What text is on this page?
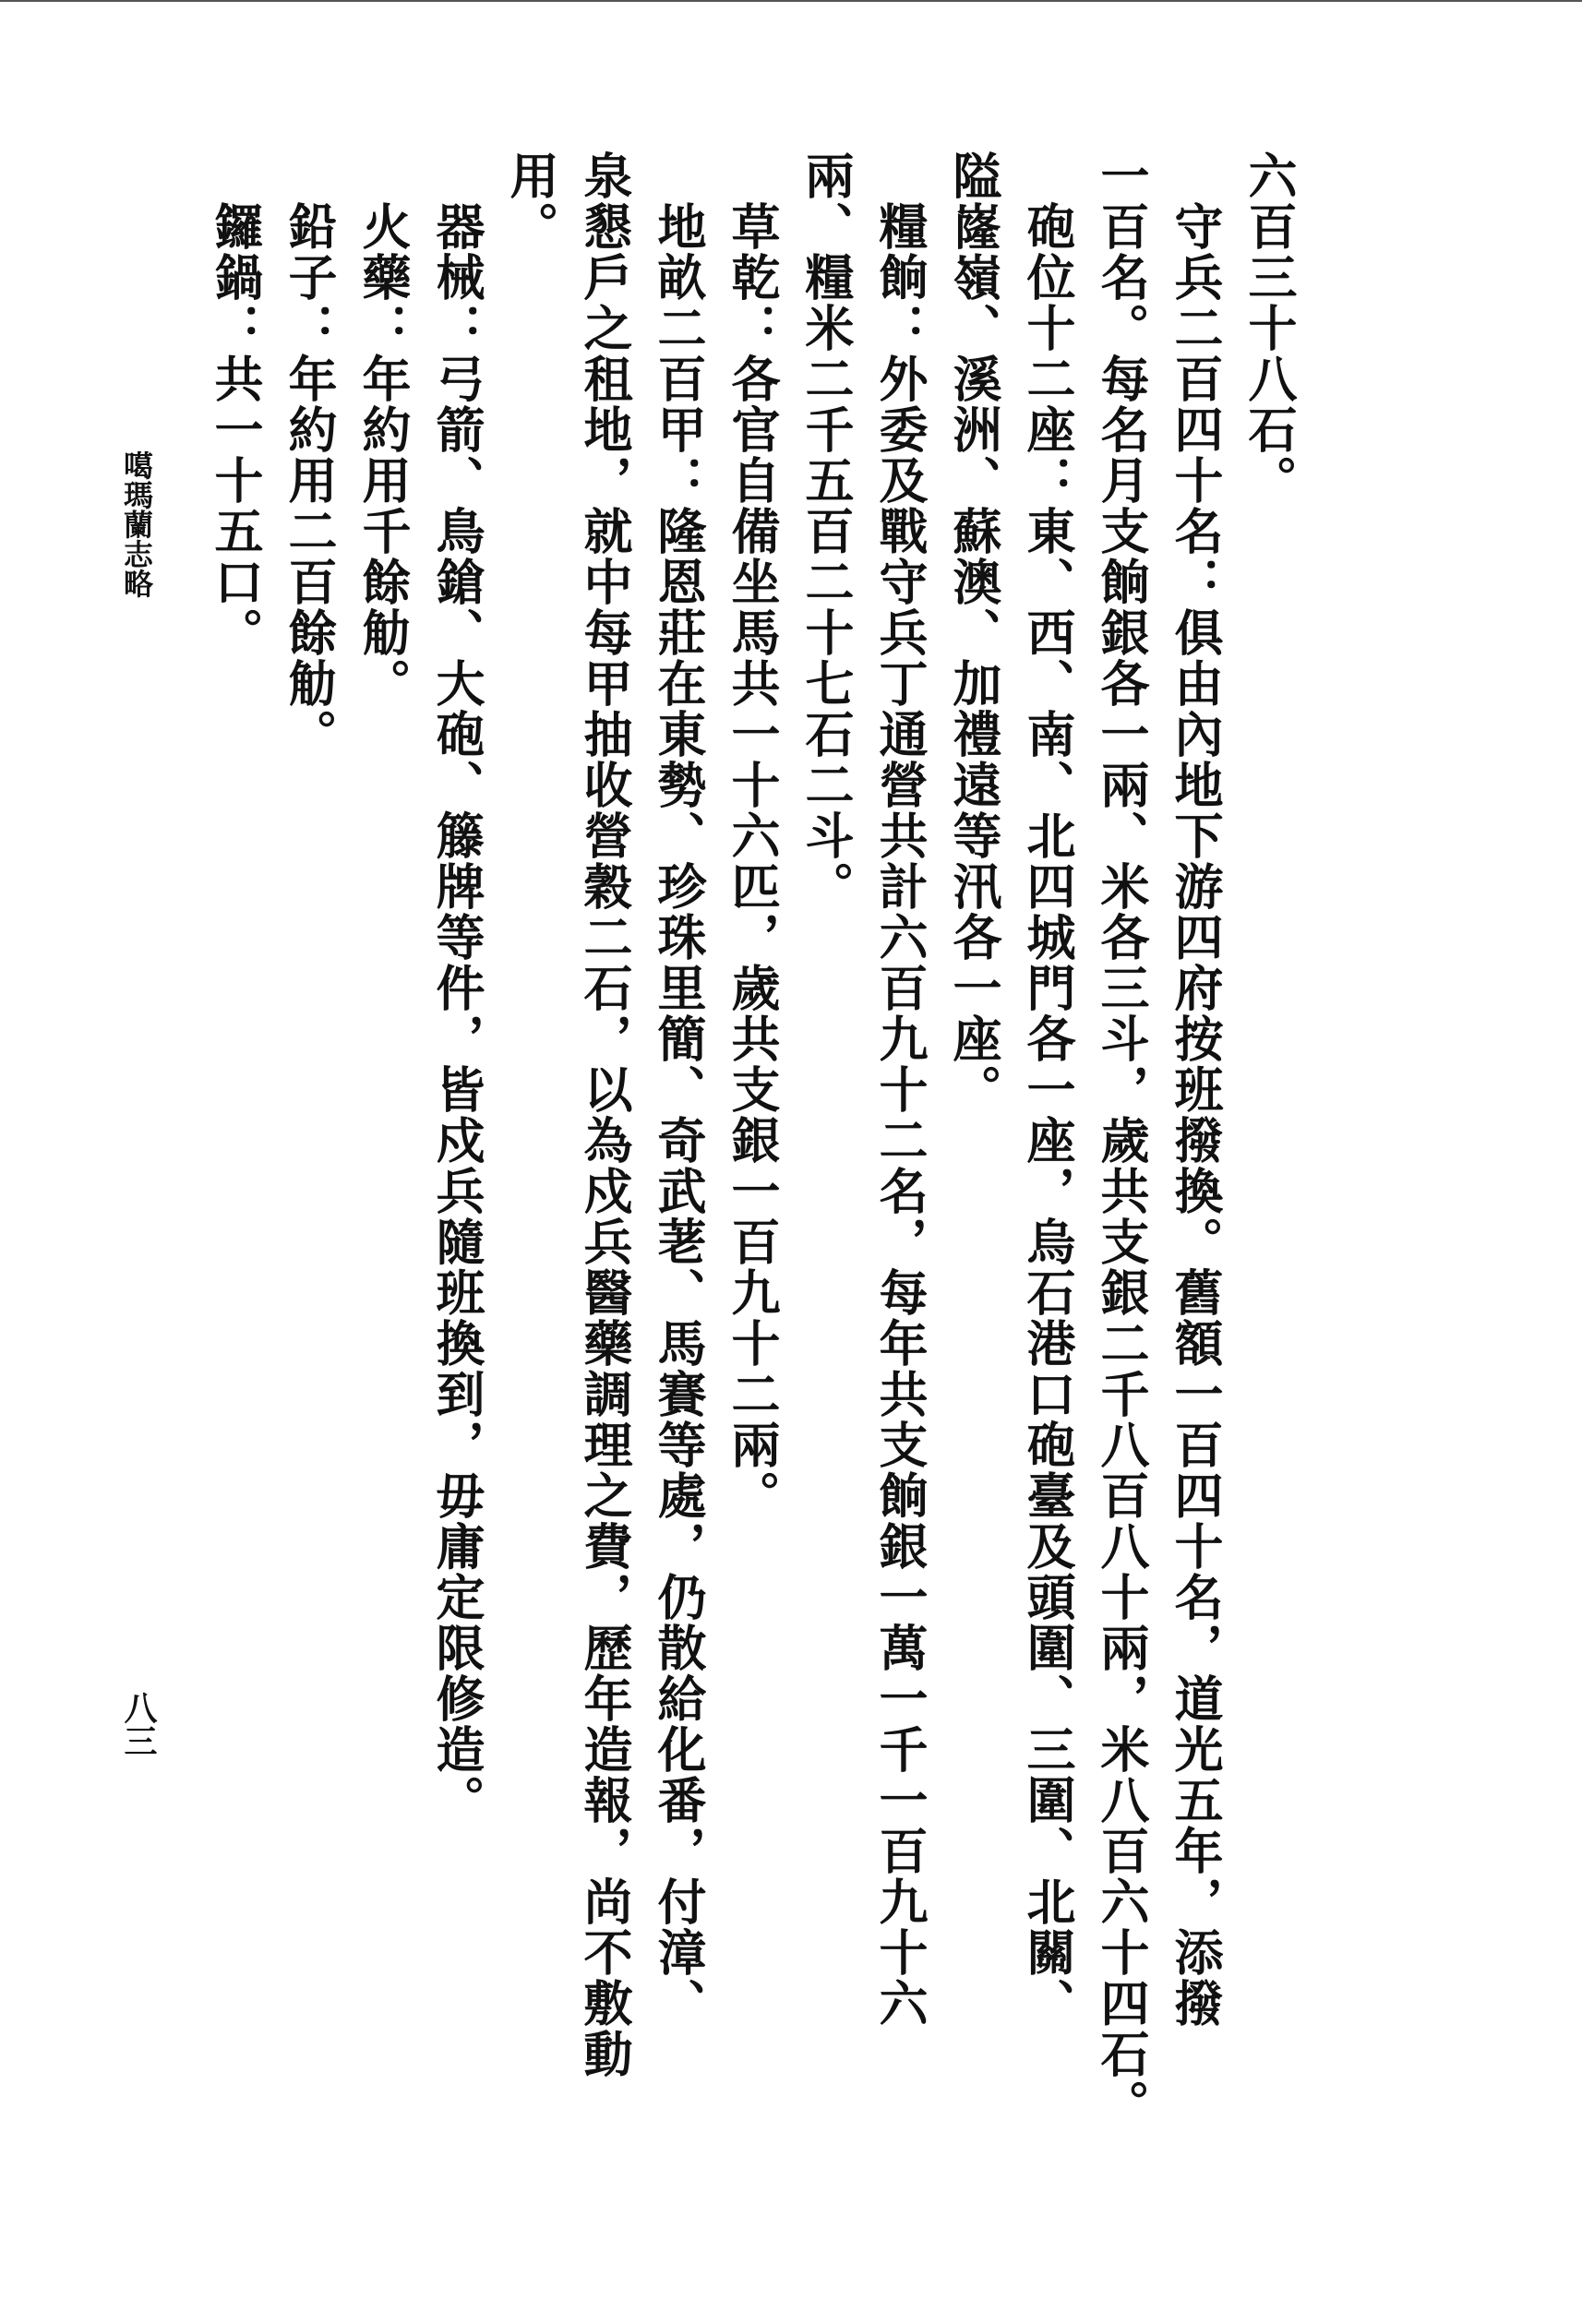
六百三十八石。
　守兵二百四十名：俱由內地下游四府按班撥換。舊額一百四十名，道光五年，添撥
一百名。每名月支餉銀各一兩、米各三斗，歲共支銀二千八百八十兩，米八百六十四石。
　砲位十二座：東、西、南、北四城門各一座，烏石港口砲臺及頭圍、三圍、北關、
隘嶐嶺、溪洲、蘇澳、加禮遠等汛各一座。
　糧餉：外委及戰守兵丁通營共計六百九十二名，每年共支餉銀一萬一千一百九十六
兩、糧米二千五百二十七石二斗。
　草乾：各官自備坐馬共一十六匹，歲共支銀一百九十二兩。
　地畝二百甲：隆恩莊在東勢、珍珠里簡、奇武荖、馬賽等處，仍散給化番，付漳、
泉懇戶之租地，就中每甲抽收營穀二石，以為戍兵醫藥調理之費，歷年造報，尚不敷動
用。
　器械：弓箭、鳥鎗、大砲、籐牌等件，皆戍兵隨班換到，毋庸定限修造。
　火藥：年約用千餘觔。
　鉛子：年約用二百餘觔。
　鑼鍋：共一十五口。
噶瑪蘭志略
八三
